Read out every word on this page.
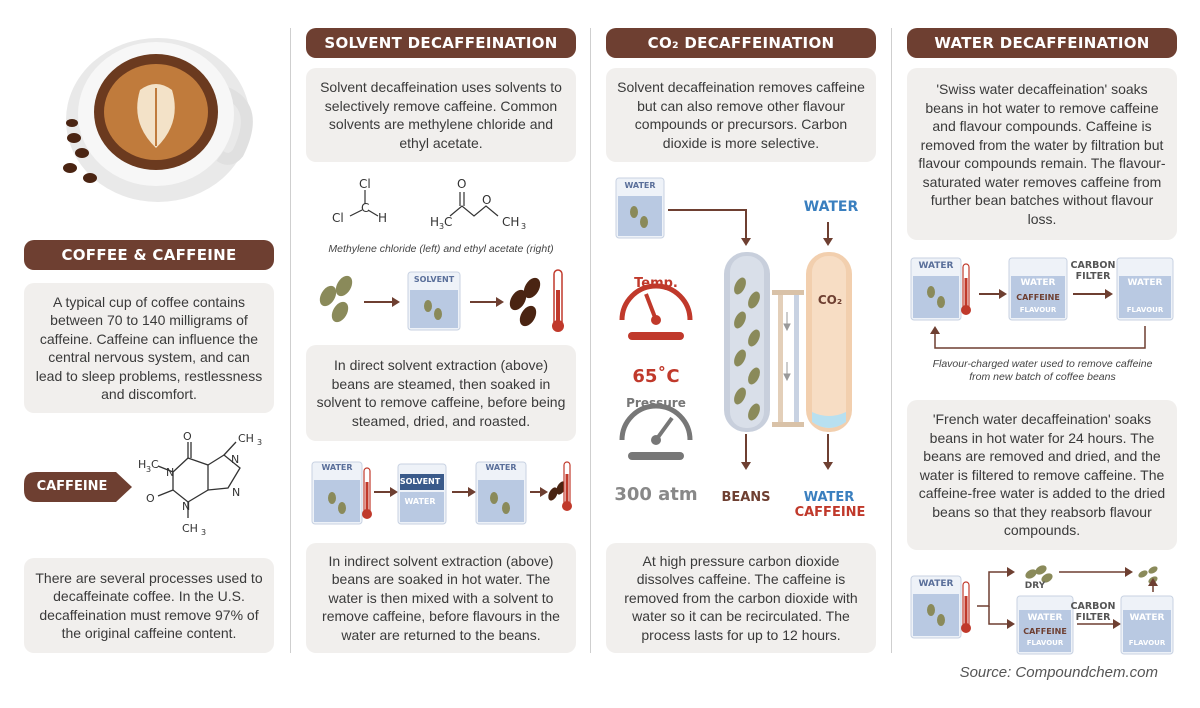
COFFEE & CAFFEINE
A typical cup of coffee contains between 70 to 140 milligrams of caffeine. Caffeine can influence the central nervous system, and can lead to sleep problems, restlessness and discomfort.
CAFFEINE
O	CH 3
H 3 C
N
N
N
N
O
CH 3
There are several processes used to decaffeinate coffee. In the U.S. decaffeination must remove 97% of the original caffeine content.
SOLVENT DECAFFEINATION
Solvent decaffeination uses solvents to selectively remove caffeine. Common solvents are methylene chloride and ethyl acetate.
Cl
C
Cl	H	H 3 C
O
O
CH 3
Methylene chloride (left) and ethyl acetate (right)
SOLVENT
In direct solvent extraction (above) beans are steamed, then soaked in solvent to remove caffeine, before being steamed, dried, and roasted.
WATER
SOLVENT
WATER
WATER
In indirect solvent extraction (above) beans are soaked in hot water. The water is then mixed with a solvent to remove caffeine, before flavours in the water are returned to the beans.
CO₂ DECAFFEINATION
Solvent decaffeination removes caffeine but can also remove other flavour compounds or precursors. Carbon dioxide is more selective.
WATER
WATER
Temp.
65˚C
Pressure
300 atm
CO₂
BEANS	WATER
CAFFEINE
At high pressure carbon dioxide dissolves caffeine. The caffeine is removed from the carbon dioxide with water so it can be recirculated. The process lasts for up to 12 hours.
WATER DECAFFEINATION
'Swiss water decaffeination' soaks beans in hot water to remove caffeine and flavour compounds. Caffeine is removed from the water by filtration but flavour compounds remain. The flavour-saturated water removes caffeine from further bean batches without flavour loss.
WATER
WATER
CAFFEINE
FLAVOUR
CARBON FILTER
WATER
FLAVOUR
Flavour-charged water used to remove caffeine from new batch of coffee beans
'French water decaffeination' soaks beans in hot water for 24 hours. The beans are removed and dried, and the water is filtered to remove caffeine. The caffeine-free water is added to the dried beans so that they reabsorb flavour compounds.
WATER	DRY
WATER
CAFFEINE
FLAVOUR
CARBON FILTER	WATER
FLAVOUR
Source: Compoundchem.com
